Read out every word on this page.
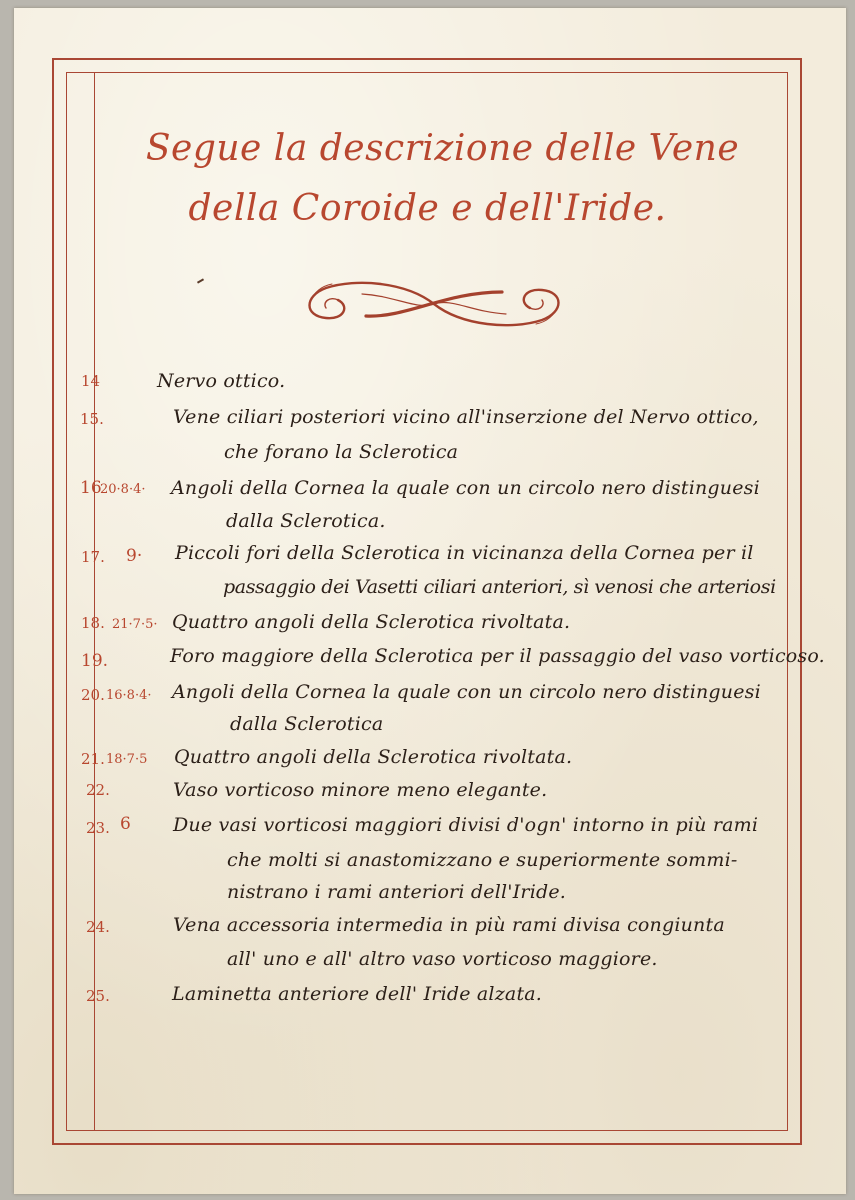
Segue la descrizione delle Vene
della Coroide e dell'Iride.
14	Nervo ottico.
15.	Vene ciliari posteriori vicino all'inserzione del Nervo ottico,
che forano la Sclerotica
16
20·8·4· Angoli della Cornea la quale con un circolo nero distinguesi
dalla Sclerotica.
17. 9· Piccoli fori della Sclerotica in vicinanza della Cornea per il
passaggio dei Vasetti ciliari anteriori, sì venosi che arteriosi
18. 21·7·5· Quattro angoli della Sclerotica rivoltata.
19.	Foro maggiore della Sclerotica per il passaggio del vaso vorticoso.
20. 16·8·4· Angoli della Cornea la quale con un circolo nero distinguesi
dalla Sclerotica
21. 18·7·5 Quattro angoli della Sclerotica rivoltata.
22.	Vaso vorticoso minore meno elegante.
23. 6 Due vasi vorticosi maggiori divisi d'ogn' intorno in più rami
che molti si anastomizzano e superiormente sommi-
nistrano i rami anteriori dell'Iride.
24.	Vena accessoria intermedia in più rami divisa congiunta
all' uno e all' altro vaso vorticoso maggiore.
25.	Laminetta anteriore dell' Iride alzata.
